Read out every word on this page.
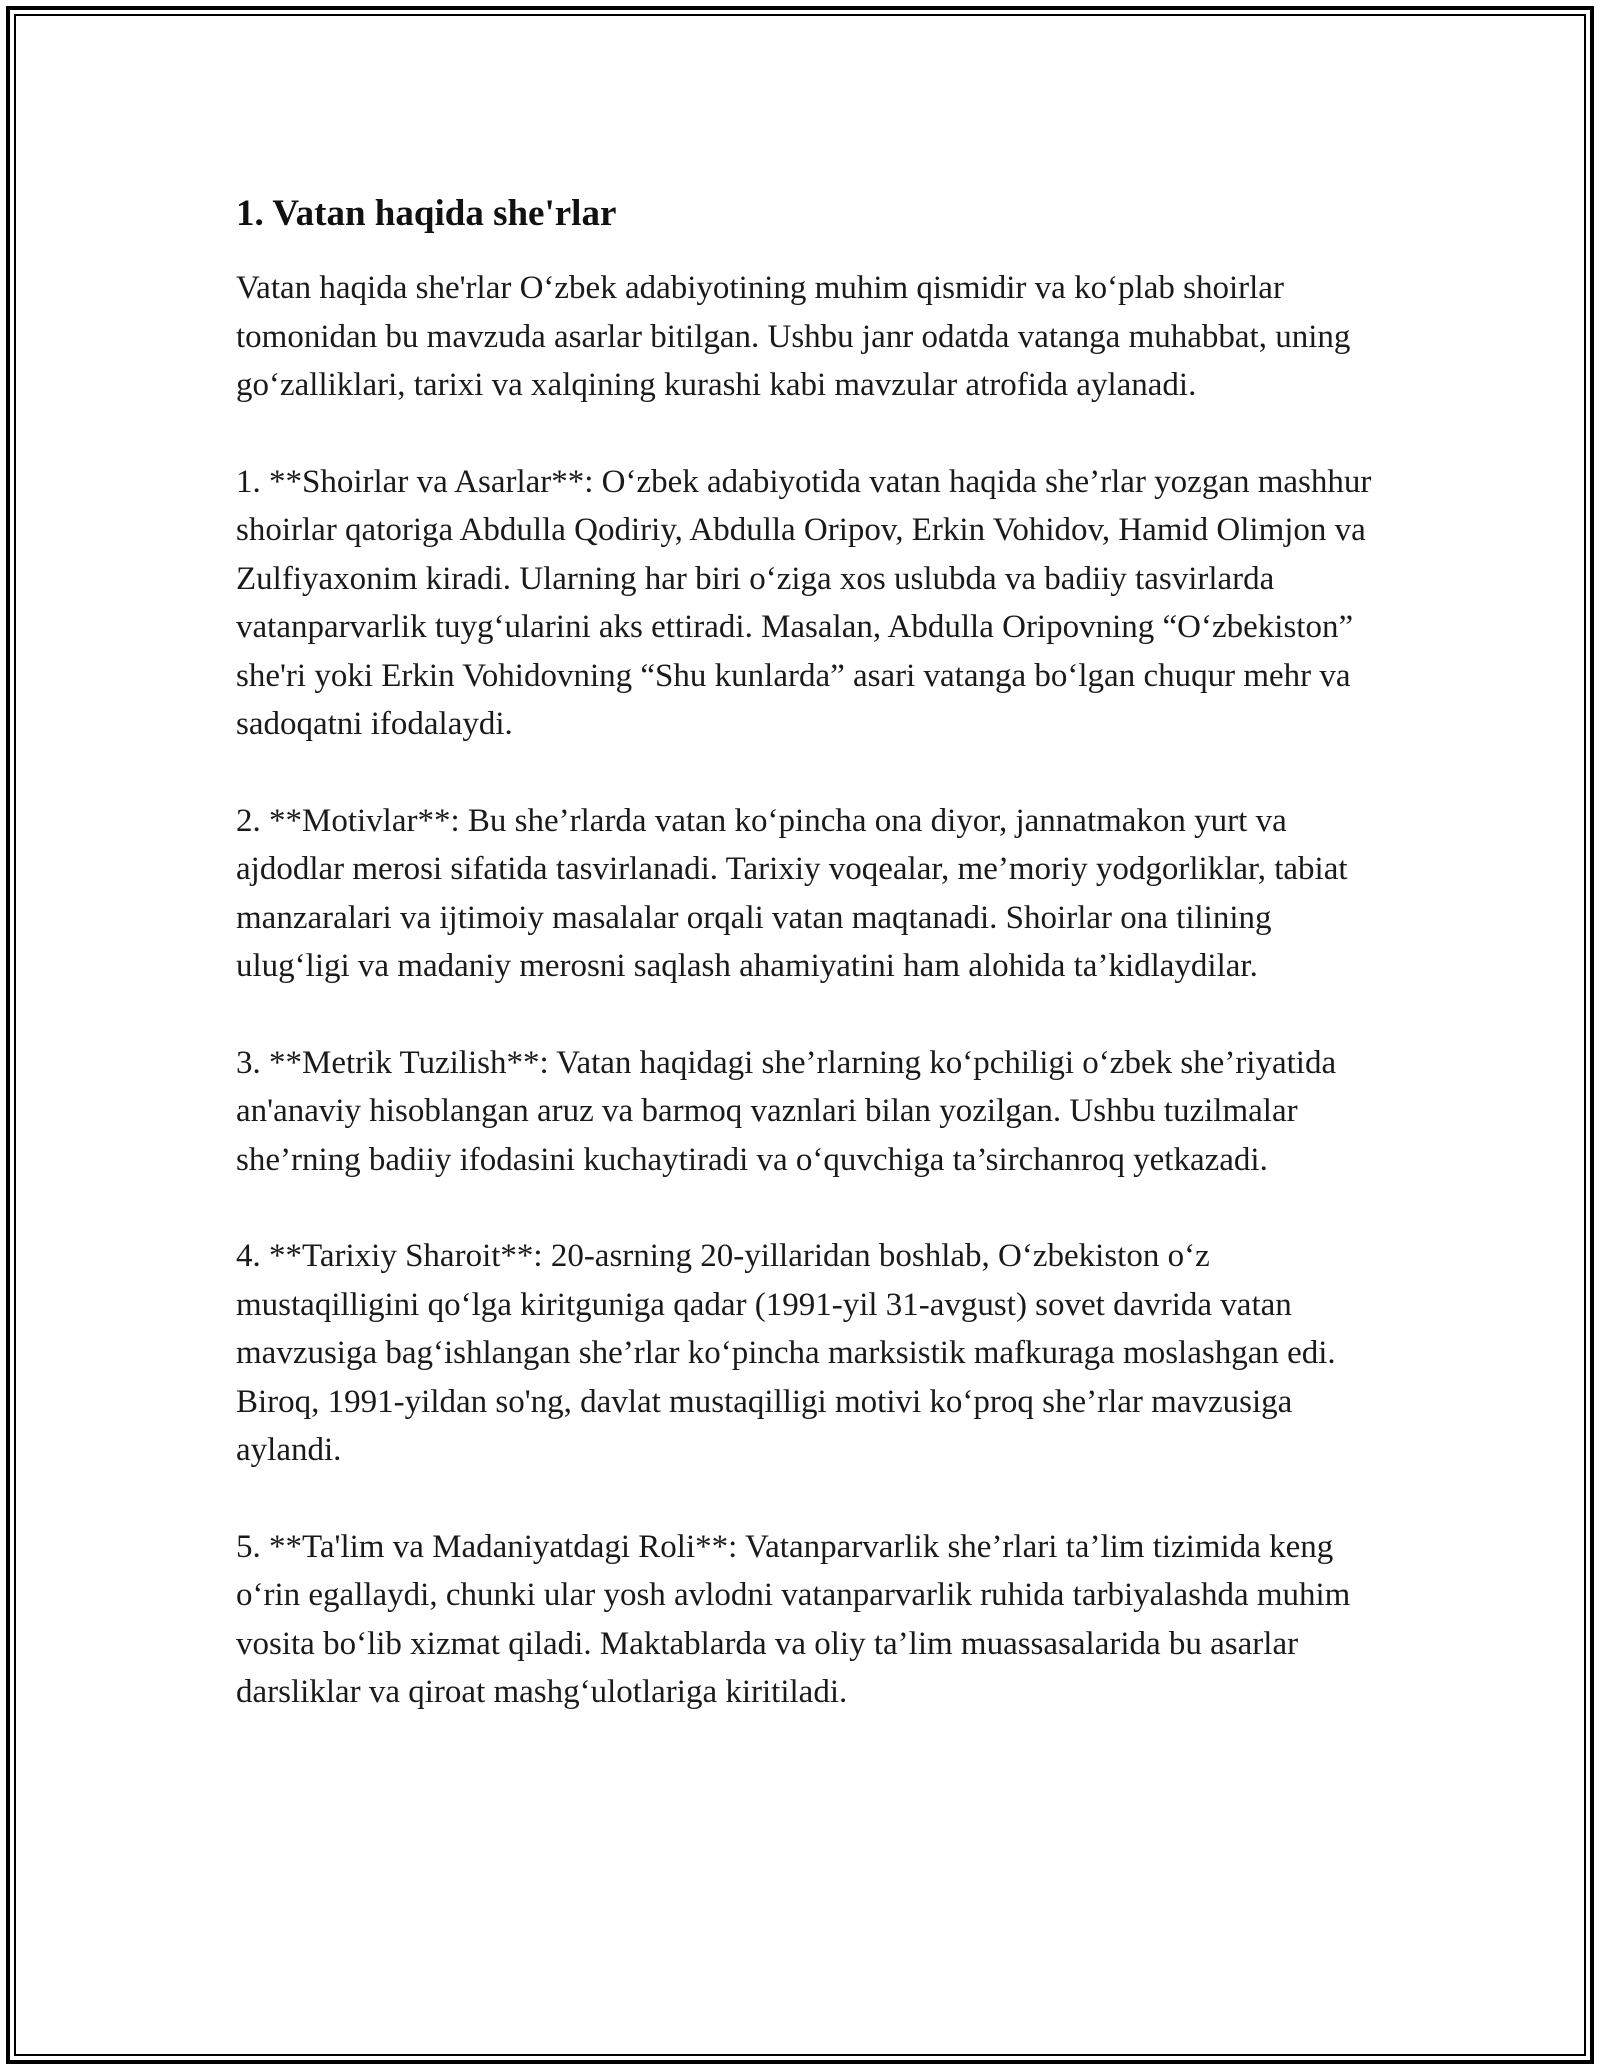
1. Vatan haqida she'rlar

Vatan haqida she'rlar O‘zbek adabiyotining muhim qismidir va ko‘plab shoirlar tomonidan bu mavzuda asarlar bitilgan. Ushbu janr odatda vatanga muhabbat, uning go‘zalliklari, tarixi va xalqining kurashi kabi mavzular atrofida aylanadi.

1. **Shoirlar va Asarlar**: O‘zbek adabiyotida vatan haqida she’rlar yozgan mashhur shoirlar qatoriga Abdulla Qodiriy, Abdulla Oripov, Erkin Vohidov, Hamid Olimjon va Zulfiyaxonim kiradi. Ularning har biri o‘ziga xos uslubda va badiiy tasvirlarda vatanparvarlik tuyg‘ularini aks ettiradi. Masalan, Abdulla Oripovning “O‘zbekiston” she'ri yoki Erkin Vohidovning “Shu kunlarda” asari vatanga bo‘lgan chuqur mehr va sadoqatni ifodalaydi.

2. **Motivlar**: Bu she’rlarda vatan ko‘pincha ona diyor, jannatmakon yurt va ajdodlar merosi sifatida tasvirlanadi. Tarixiy voqealar, me’moriy yodgorliklar, tabiat manzaralari va ijtimoiy masalalar orqali vatan maqtanadi. Shoirlar ona tilining ulug‘ligi va madaniy merosni saqlash ahamiyatini ham alohida ta’kidlaydilar.

3. **Metrik Tuzilish**: Vatan haqidagi she’rlarning ko‘pchiligi o‘zbek she’riyatida an'anaviy hisoblangan aruz va barmoq vaznlari bilan yozilgan. Ushbu tuzilmalar she’rning badiiy ifodasini kuchaytiradi va o‘quvchiga ta’sirchanroq yetkazadi.

4. **Tarixiy Sharoit**: 20-asrning 20-yillaridan boshlab, O‘zbekiston o‘z mustaqilligini qo‘lga kiritguniga qadar (1991-yil 31-avgust) sovet davrida vatan mavzusiga bag‘ishlangan she’rlar ko‘pincha marksistik mafkuraga moslashgan edi. Biroq, 1991-yildan so'ng, davlat mustaqilligi motivi ko‘proq she’rlar mavzusiga aylandi.

5. **Ta'lim va Madaniyatdagi Roli**: Vatanparvarlik she’rlari ta’lim tizimida keng o‘rin egallaydi, chunki ular yosh avlodni vatanparvarlik ruhida tarbiyalashda muhim vosita bo‘lib xizmat qiladi. Maktablarda va oliy ta’lim muassasalarida bu asarlar darsliklar va qiroat mashg‘ulotlariga kiritiladi.
